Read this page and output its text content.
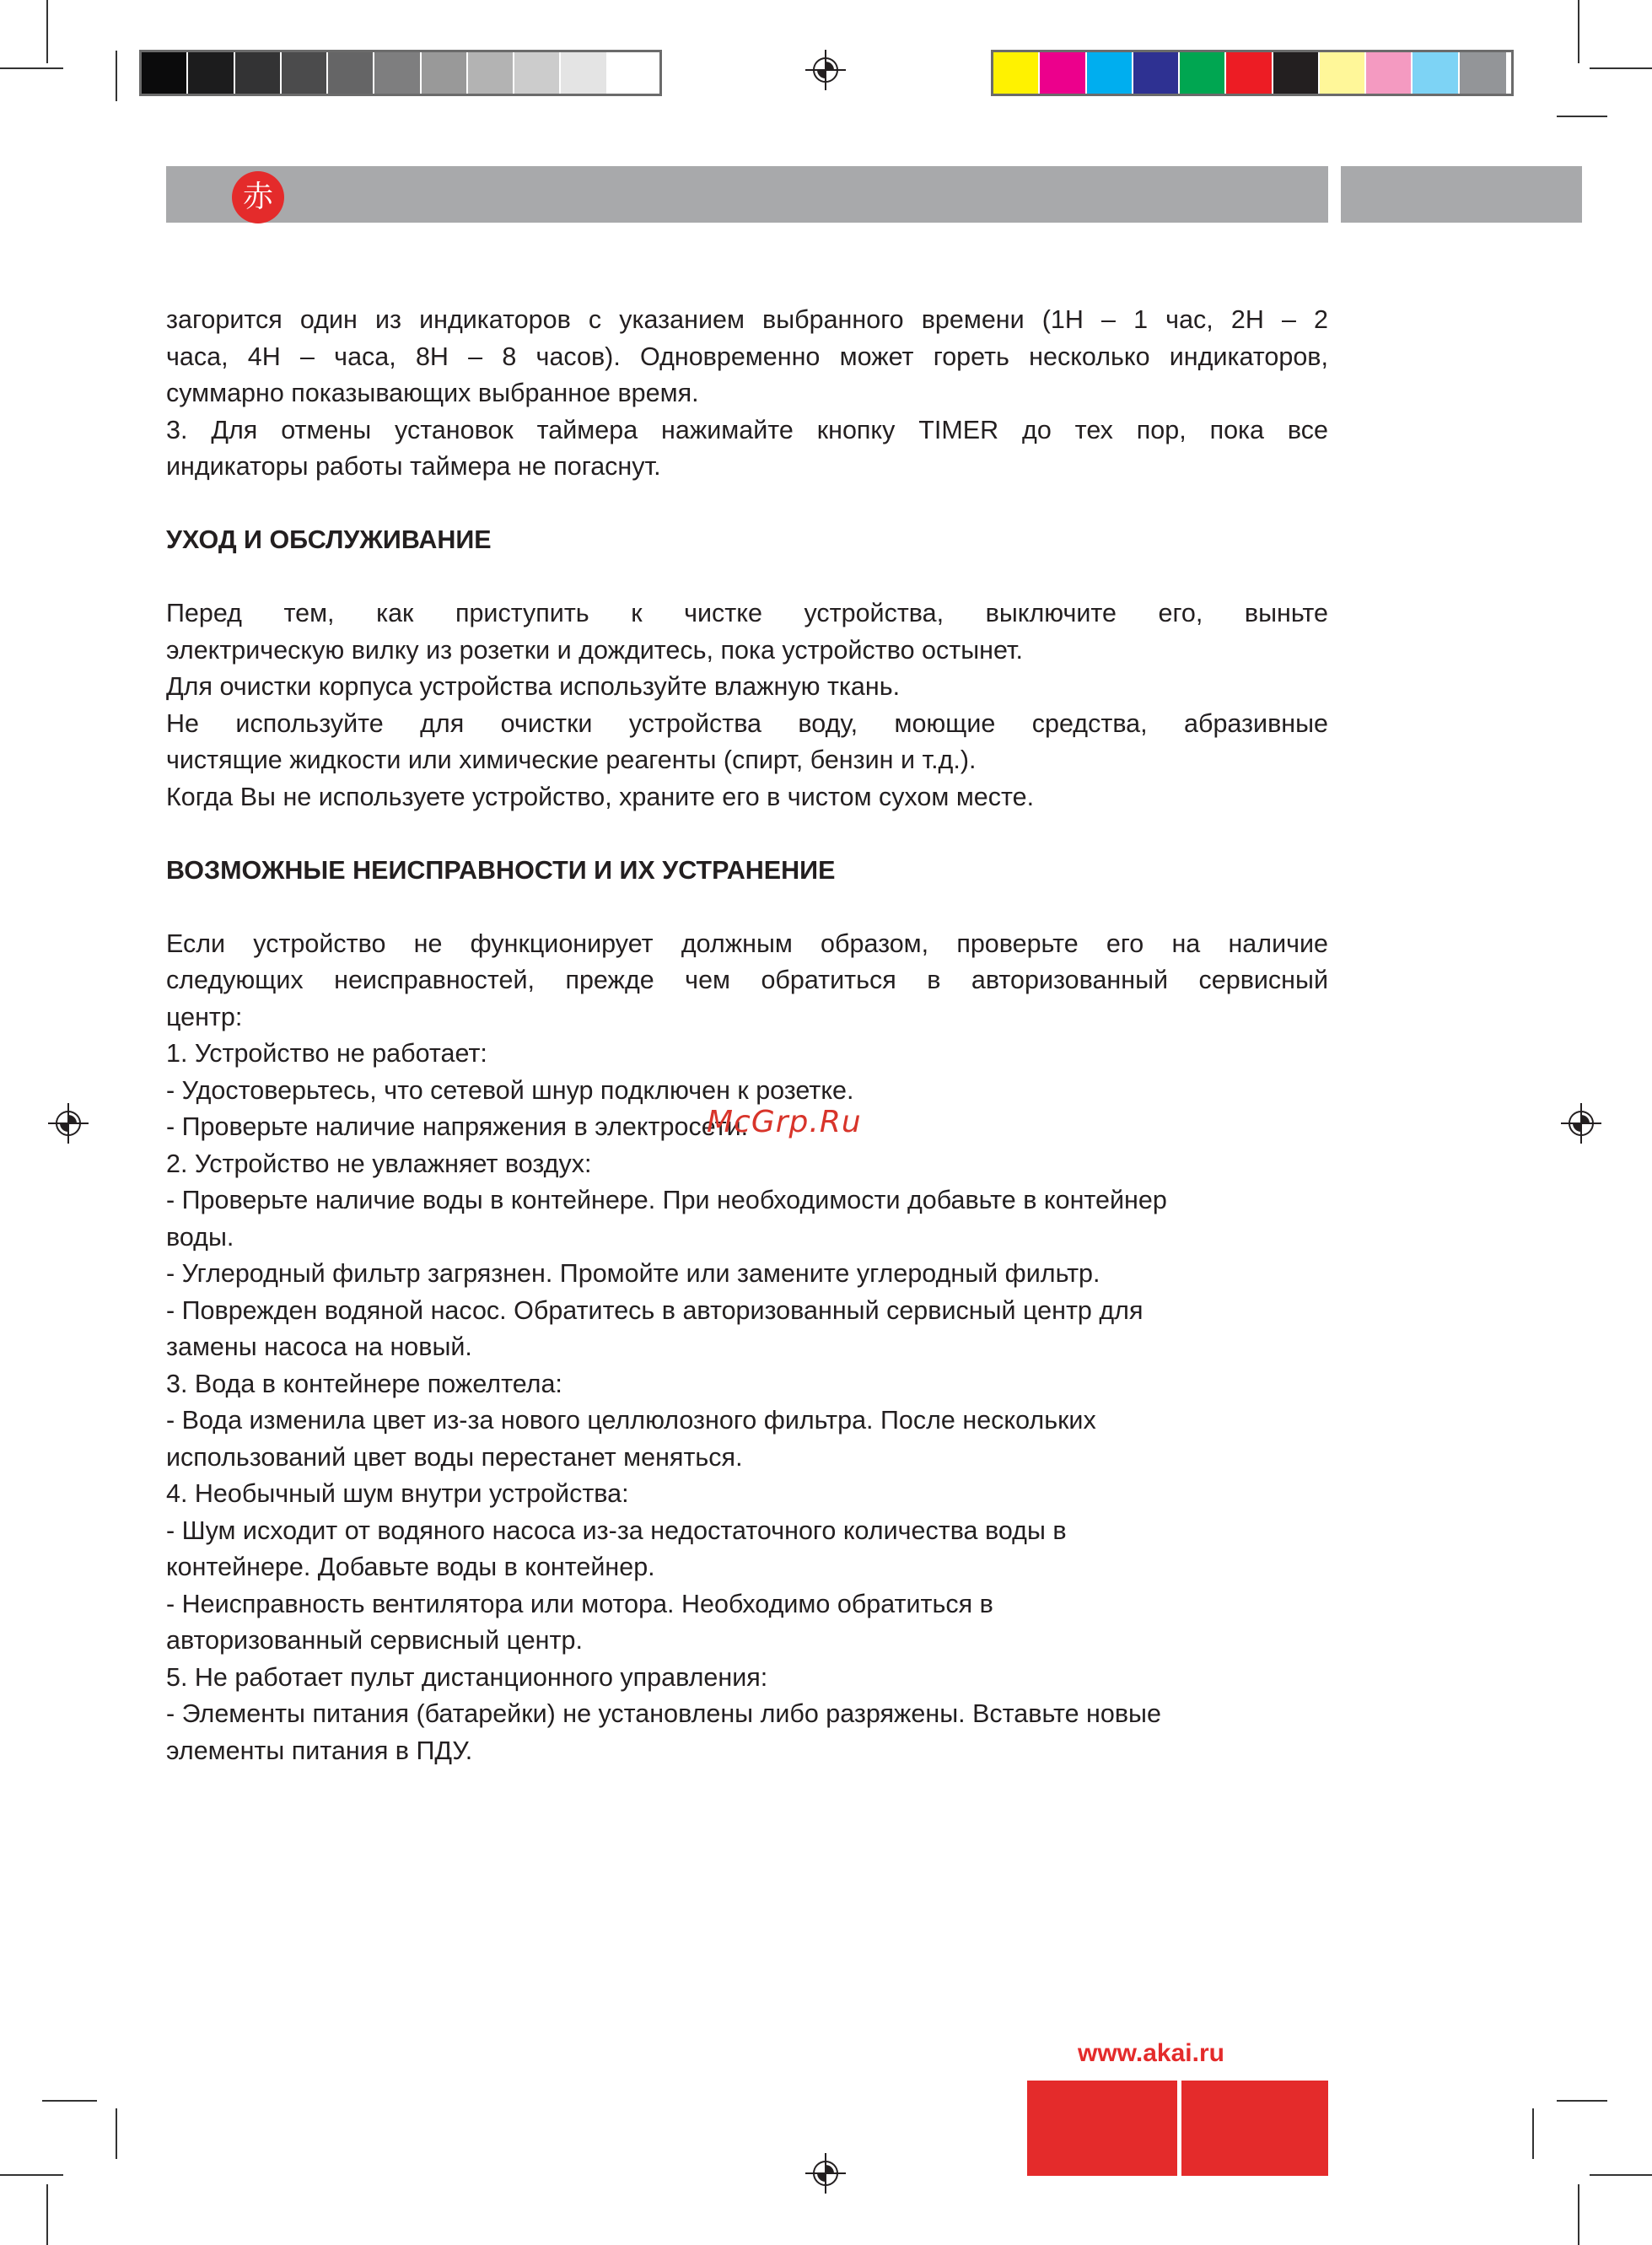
赤

загорится один из индикаторов с указанием выбранного времени (1H – 1 час, 2H – 2

часа, 4H – часа, 8H – 8 часов). Одновременно может гореть несколько индикаторов,

суммарно показывающих выбранное время.

3. Для отмены установок таймера нажимайте кнопку TIMER до тех пор, пока все

индикаторы работы таймера не погаснут.

УХОД И ОБСЛУЖИВАНИЕ

Перед тем, как приступить к чистке устройства, выключите его, выньте

электрическую вилку из розетки и дождитесь, пока устройство остынет.

Для очистки корпуса устройства используйте влажную ткань.

Не используйте для очистки устройства воду, моющие средства, абразивные

чистящие жидкости или химические реагенты (спирт, бензин и т.д.).

Когда Вы не используете устройство, храните его в чистом сухом месте.

ВОЗМОЖНЫЕ НЕИСПРАВНОСТИ И ИХ УСТРАНЕНИЕ

Если устройство не функционирует должным образом, проверьте его на наличие

следующих неисправностей, прежде чем обратиться в авторизованный сервисный

центр:

1. Устройство не работает:

- Удостоверьтесь, что сетевой шнур подключен к розетке.

- Проверьте наличие напряжения в электросети.

2. Устройство не увлажняет воздух:

- Проверьте наличие воды в контейнере. При необходимости добавьте в контейнер

воды.

- Углеродный фильтр загрязнен. Промойте или замените углеродный фильтр.

- Поврежден водяной насос. Обратитесь в авторизованный сервисный центр для

замены насоса на новый.

3. Вода в контейнере пожелтела:

- Вода изменила цвет из-за нового целлюлозного фильтра. После нескольких

использований цвет воды перестанет меняться.

4. Необычный шум внутри устройства:

- Шум исходит от водяного насоса из-за недостаточного количества воды в

контейнере. Добавьте воды в контейнер.

- Неисправность вентилятора или мотора. Необходимо обратиться в

авторизованный сервисный центр.

5. Не работает пульт дистанционного управления:

- Элементы питания (батарейки) не установлены либо разряжены. Вставьте новые

элементы питания в ПДУ.

McGrp.Ru
www.akai.ru
